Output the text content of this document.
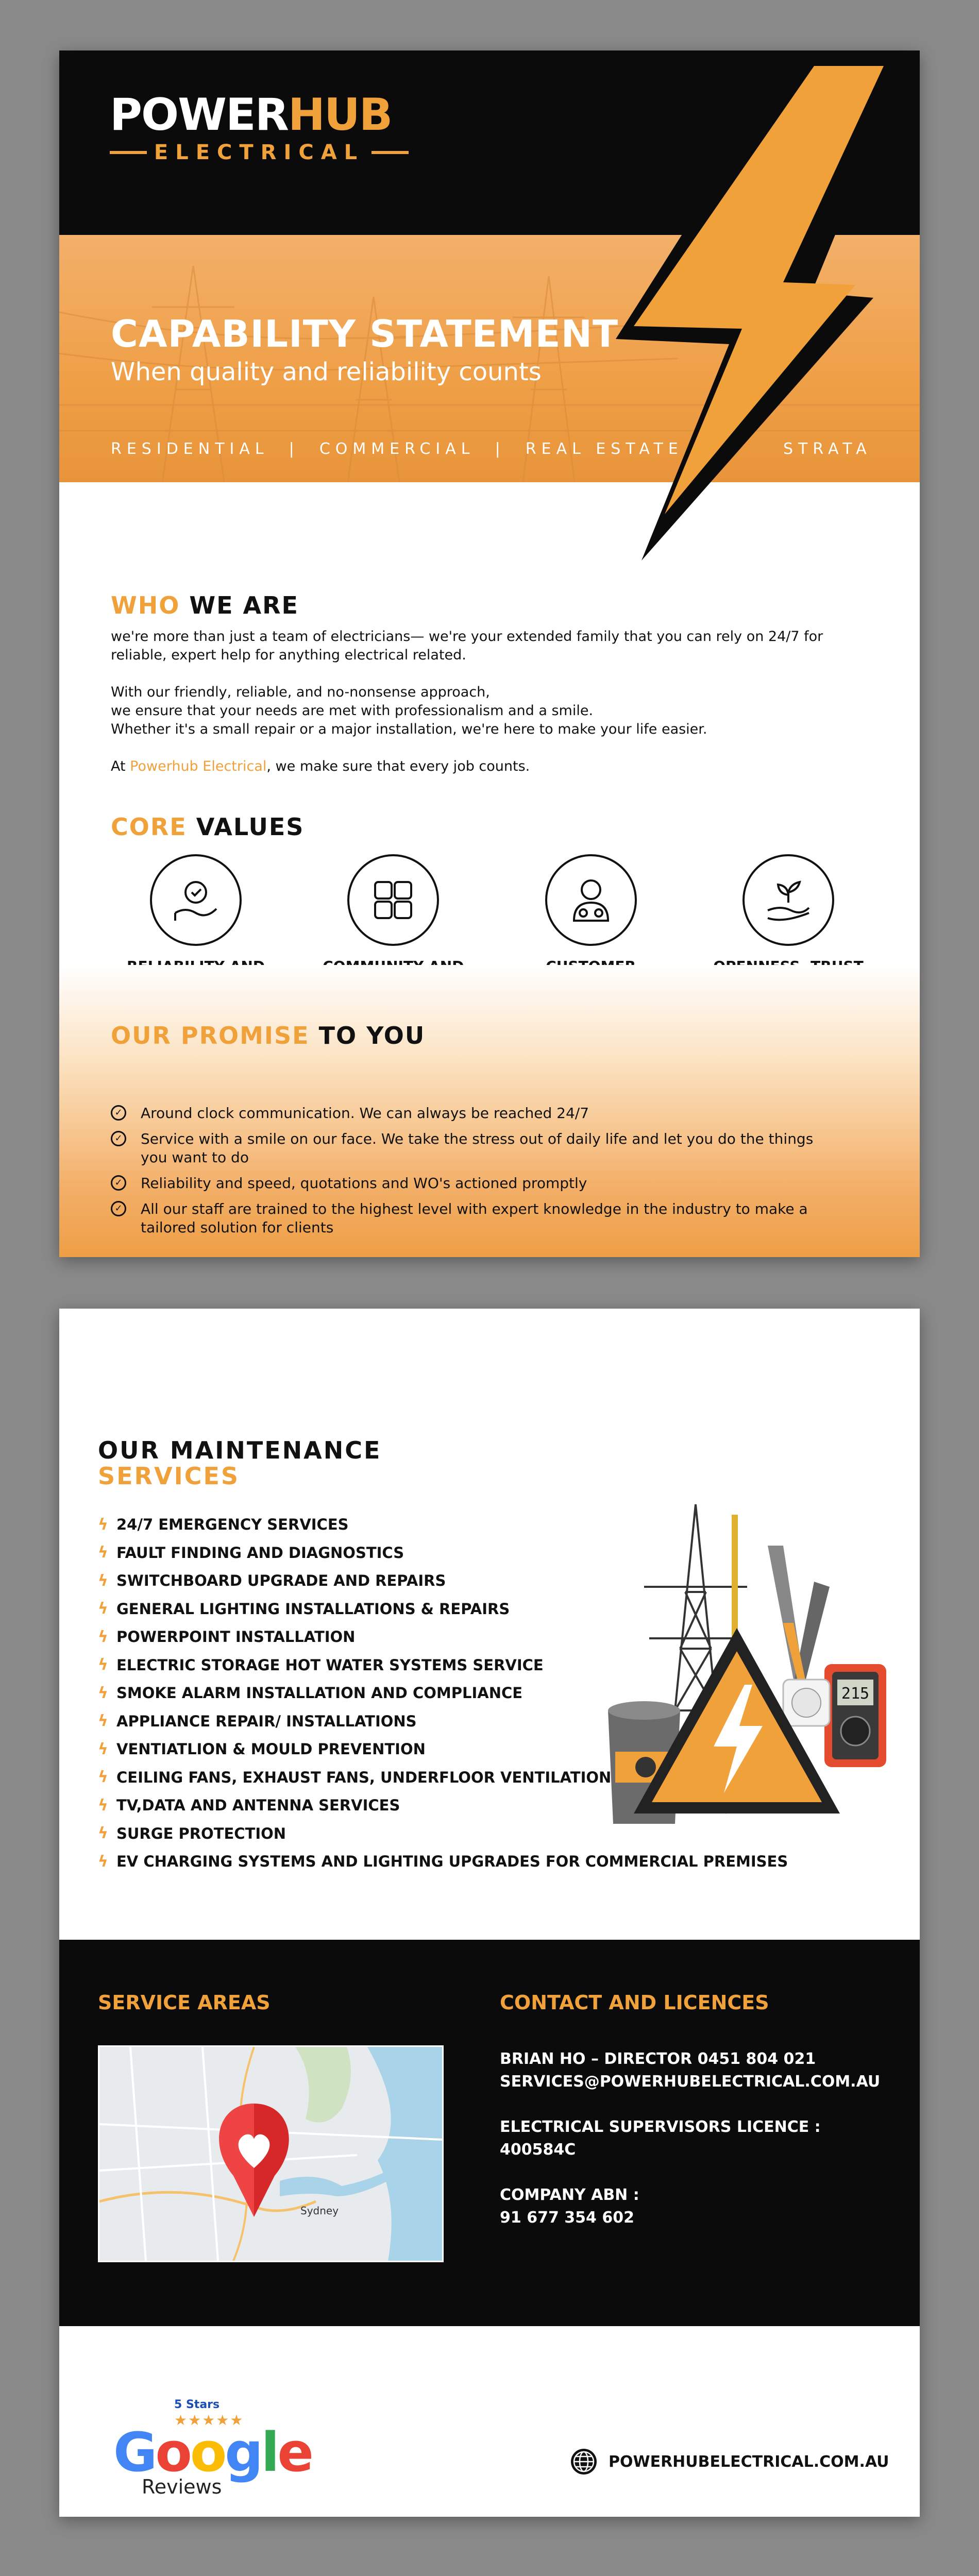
POWERHUB
ELECTRICAL
CAPABILITY STATEMENT
When quality and reliability counts
RESIDENTIAL  |  COMMERCIAL  |  REAL ESTATE	STRATA
WHO WE ARE

we're more than just a team of electricians— we're your extended family that you can rely on 24/7 for reliable, expert help for anything electrical related.

With our friendly, reliable, and no-nonsense approach,

we ensure that your needs are met with professionalism and a smile.

Whether it's a small repair or a major installation, we're here to make your life easier.

At Powerhub Electrical, we make sure that every job counts.

CORE VALUES
OUR PROMISE TO YOU
✓ Around clock communication. We can always be reached 24/7
✓ Service with a smile on our face. We take the stress out of daily life and let you do the things you want to do
✓ Reliability and speed, quotations and WO's actioned promptly
✓ All our staff are trained to the highest level with expert knowledge in the industry to make a tailored solution for clients
OUR MAINTENANCE
SERVICES
ϟ 24/7 EMERGENCY SERVICES
ϟ FAULT FINDING AND DIAGNOSTICS
ϟ SWITCHBOARD UPGRADE AND REPAIRS
ϟ GENERAL LIGHTING INSTALLATIONS & REPAIRS
ϟ POWERPOINT INSTALLATION
ϟ ELECTRIC STORAGE HOT WATER SYSTEMS SERVICE
ϟ SMOKE ALARM INSTALLATION AND COMPLIANCE
ϟ APPLIANCE REPAIR/ INSTALLATIONS
ϟ VENTIATLION & MOULD PREVENTION
ϟ CEILING FANS, EXHAUST FANS, UNDERFLOOR VENTILATION
ϟ TV,DATA AND ANTENNA SERVICES
ϟ SURGE PROTECTION
ϟ EV CHARGING SYSTEMS AND LIGHTING UPGRADES FOR COMMERCIAL PREMISES
215
SERVICE AREAS
Sydney
CONTACT AND LICENCES

BRIAN HO – DIRECTOR 0451 804 021

SERVICES@POWERHUBELECTRICAL.COM.AU

ELECTRICAL SUPERVISORS LICENCE :

400584C

COMPANY ABN :

91 677 354 602

5 Stars
★★★★★
Google
Reviews
POWERHUBELECTRICAL.COM.AU
